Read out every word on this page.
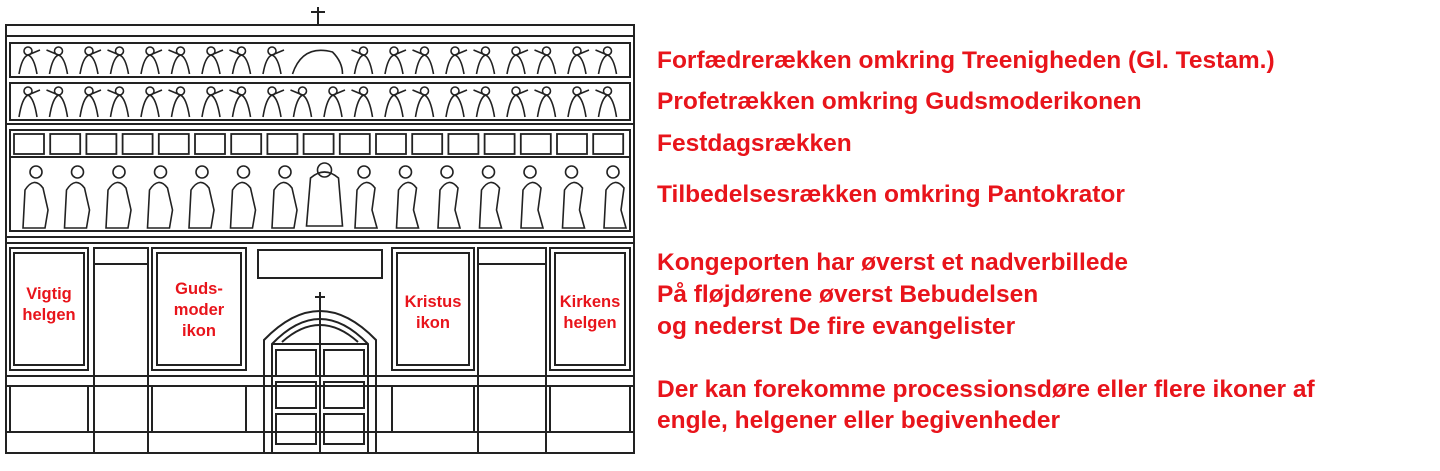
Vigtig
helgen
Guds-
moder
ikon
Kristus
ikon
Kirkens
helgen
Forfædrerækken omkring Treenigheden (Gl. Testam.)
Profetrækken omkring Gudsmoderikonen
Festdagsrækken
Tilbedelsesrækken omkring Pantokrator
Kongeporten har øverst et nadverbillede
På fløjdørene øverst Bebudelsen
og nederst De fire evangelister
Der kan forekomme processionsdøre eller flere ikoner af
engle, helgener eller begivenheder
